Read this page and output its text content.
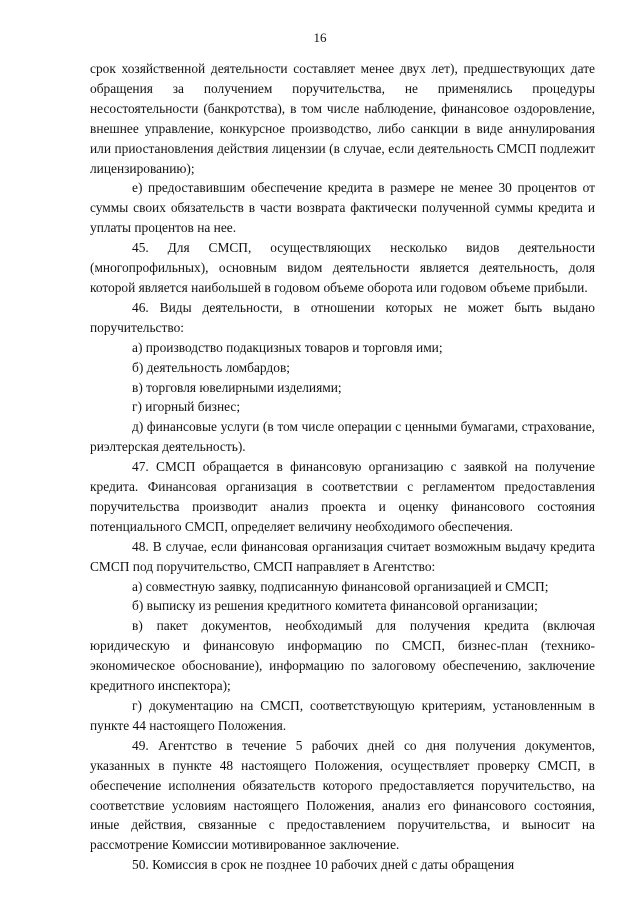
16

срок хозяйственной деятельности составляет менее двух лет), предшествующих дате обращения за получением поручительства, не применялись процедуры несостоятельности (банкротства), в том числе наблюдение, финансовое оздоровление, внешнее управление, конкурсное производство, либо санкции в виде аннулирования или приостановления действия лицензии (в случае, если деятельность СМСП подлежит лицензированию);

е) предоставившим обеспечение кредита в размере не менее 30 процентов от суммы своих обязательств в части возврата фактически полученной суммы кредита и уплаты процентов на нее.

45. Для СМСП, осуществляющих несколько видов деятельности (многопрофильных), основным видом деятельности является деятельность, доля которой является наибольшей в годовом объеме оборота или годовом объеме прибыли.

46. Виды деятельности, в отношении которых не может быть выдано поручительство:

а) производство подакцизных товаров и торговля ими;

б) деятельность ломбардов;

в) торговля ювелирными изделиями;

г) игорный бизнес;

д) финансовые услуги (в том числе операции с ценными бумагами, страхование, риэлтерская деятельность).

47. СМСП обращается в финансовую организацию с заявкой на получение кредита. Финансовая организация в соответствии с регламентом предоставления поручительства производит анализ проекта и оценку финансового состояния потенциального СМСП, определяет величину необходимого обеспечения.

48. В случае, если финансовая организация считает возможным выдачу кредита СМСП под поручительство, СМСП направляет в Агентство:

а) совместную заявку, подписанную финансовой организацией и СМСП;

б) выписку из решения кредитного комитета финансовой организации;

в) пакет документов, необходимый для получения кредита (включая юридическую и финансовую информацию по СМСП, бизнес-план (технико-экономическое обоснование), информацию по залоговому обеспечению, заключение кредитного инспектора);

г) документацию на СМСП, соответствующую критериям, установленным в пункте 44 настоящего Положения.

49. Агентство в течение 5 рабочих дней со дня получения документов, указанных в пункте 48 настоящего Положения, осуществляет проверку СМСП, в обеспечение исполнения обязательств которого предоставляется поручительство, на соответствие условиям настоящего Положения, анализ его финансового состояния, иные действия, связанные с предоставлением поручительства, и выносит на рассмотрение Комиссии мотивированное заключение.

50. Комиссия в срок не позднее 10 рабочих дней с даты обращения
